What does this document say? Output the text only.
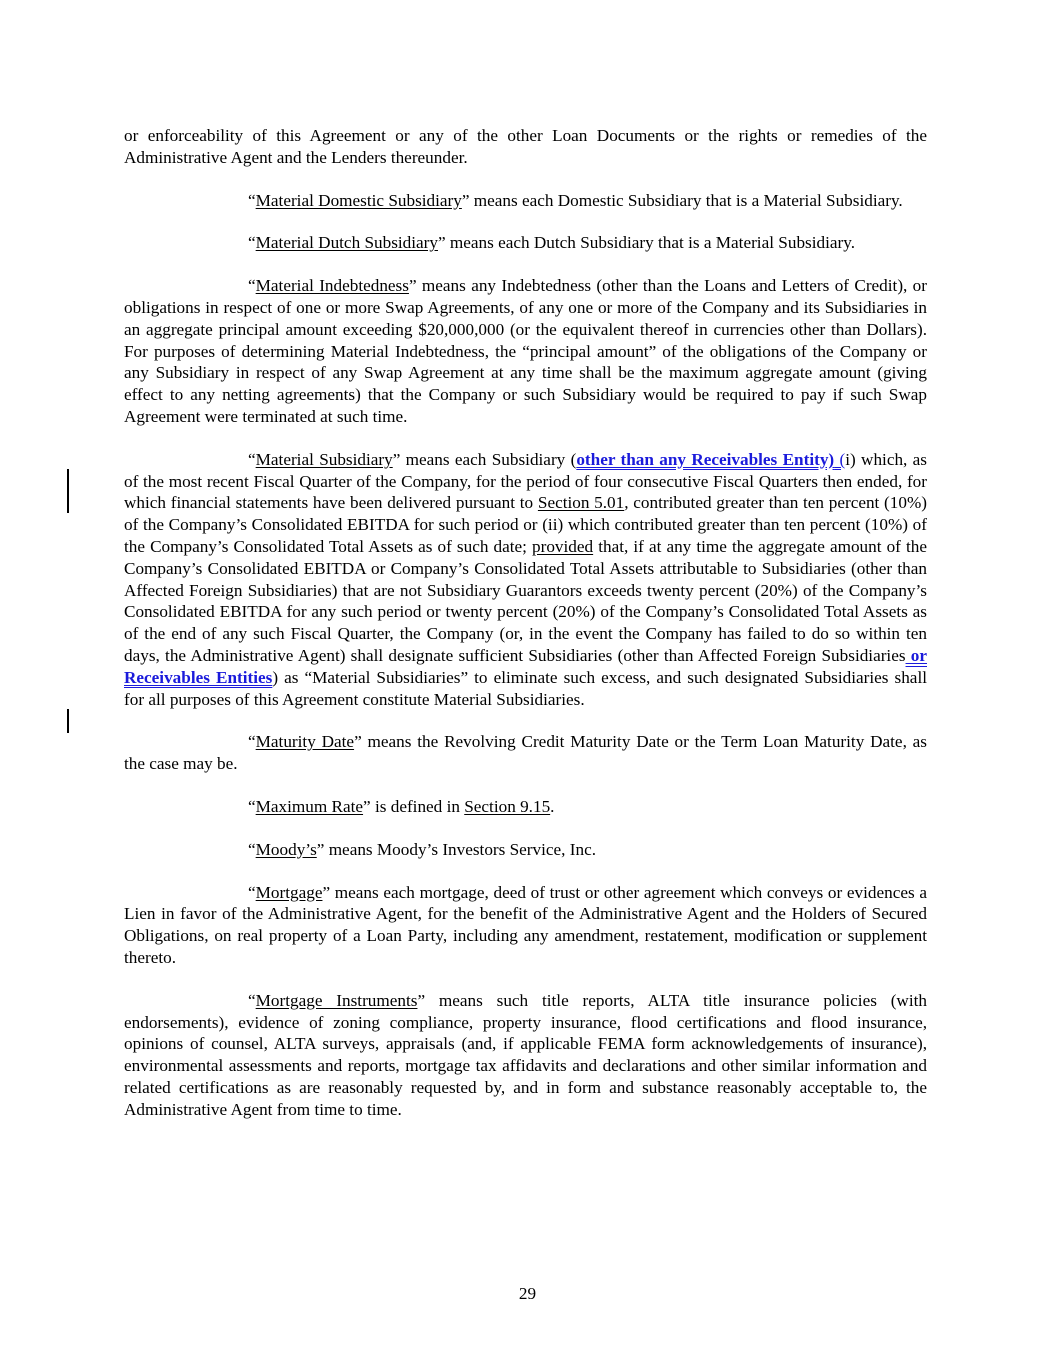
or enforceability of this Agreement or any of the other Loan Documents or the rights or remedies of the Administrative Agent and the Lenders thereunder.

“Material Domestic Subsidiary” means each Domestic Subsidiary that is a Material Subsidiary.

“Material Dutch Subsidiary” means each Dutch Subsidiary that is a Material Subsidiary.

“Material Indebtedness” means any Indebtedness (other than the Loans and Letters of Credit), or obligations in respect of one or more Swap Agreements, of any one or more of the Company and its Subsidiaries in an aggregate principal amount exceeding $20,000,000 (or the equivalent thereof in currencies other than Dollars). For purposes of determining Material Indebtedness, the “principal amount” of the obligations of the Company or any Subsidiary in respect of any Swap Agreement at any time shall be the maximum aggregate amount (giving effect to any netting agreements) that the Company or such Subsidiary would be required to pay if such Swap Agreement were terminated at such time.

“Material Subsidiary” means each Subsidiary (other than any Receivables Entity) (i) which, as of the most recent Fiscal Quarter of the Company, for the period of four consecutive Fiscal Quarters then ended, for which financial statements have been delivered pursuant to Section 5.01, contributed greater than ten percent (10%) of the Company’s Consolidated EBITDA for such period or (ii) which contributed greater than ten percent (10%) of the Company’s Consolidated Total Assets as of such date; provided that, if at any time the aggregate amount of the Company’s Consolidated EBITDA or Company’s Consolidated Total Assets attributable to Subsidiaries (other than Affected Foreign Subsidiaries) that are not Subsidiary Guarantors exceeds twenty percent (20%) of the Company’s Consolidated EBITDA for any such period or twenty percent (20%) of the Company’s Consolidated Total Assets as of the end of any such Fiscal Quarter, the Company (or, in the event the Company has failed to do so within ten days, the Administrative Agent) shall designate sufficient Subsidiaries (other than Affected Foreign Subsidiaries or Receivables Entities) as “Material Subsidiaries” to eliminate such excess, and such designated Subsidiaries shall for all purposes of this Agreement constitute Material Subsidiaries.

“Maturity Date” means the Revolving Credit Maturity Date or the Term Loan Maturity Date, as the case may be.

“Maximum Rate” is defined in Section 9.15.

“Moody’s” means Moody’s Investors Service, Inc.

“Mortgage” means each mortgage, deed of trust or other agreement which conveys or evidences a Lien in favor of the Administrative Agent, for the benefit of the Administrative Agent and the Holders of Secured Obligations, on real property of a Loan Party, including any amendment, restatement, modification or supplement thereto.

“Mortgage Instruments” means such title reports, ALTA title insurance policies (with endorsements), evidence of zoning compliance, property insurance, flood certifications and flood insurance, opinions of counsel, ALTA surveys, appraisals (and, if applicable FEMA form acknowledgements of insurance), environmental assessments and reports, mortgage tax affidavits and declarations and other similar information and related certifications as are reasonably requested by, and in form and substance reasonably acceptable to, the Administrative Agent from time to time.

29
